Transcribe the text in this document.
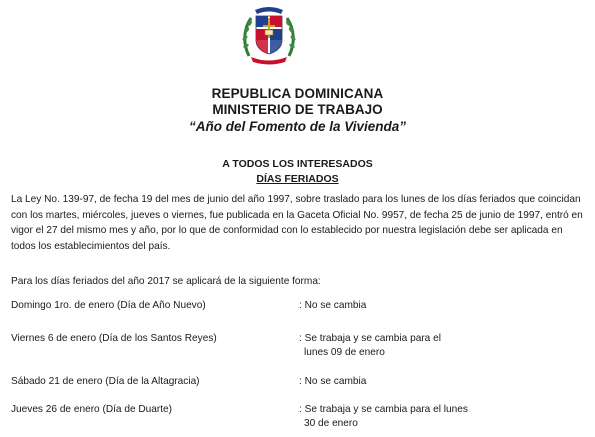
REPUBLICA DOMINICANA
MINISTERIO DE TRABAJO
“Año del Fomento de la Vivienda”
A TODOS LOS INTERESADOS
DÍAS FERIADOS
La Ley No. 139-97, de fecha 19 del mes de junio del año 1997, sobre traslado para los lunes de los días feriados que coincidan con los martes, miércoles, jueves o viernes, fue publicada en la Gaceta Oficial No. 9957, de fecha 25 de junio de 1997, entró en vigor el 27 del mismo mes y año, por lo que de conformidad con lo establecido por nuestra legislación debe ser aplicada en todos los establecimientos del país.
Para los días feriados del año 2017 se aplicará de la siguiente forma:
Domingo 1ro. de enero (Día de Año Nuevo)	: No se cambia
Viernes 6 de enero (Día de los Santos Reyes)	: Se trabaja y se cambia para el
lunes 09 de enero
Sábado 21 de enero (Día de la Altagracia)	: No se cambia
Jueves 26 de enero (Día de Duarte)	: Se trabaja y se cambia para el lunes
30 de enero
